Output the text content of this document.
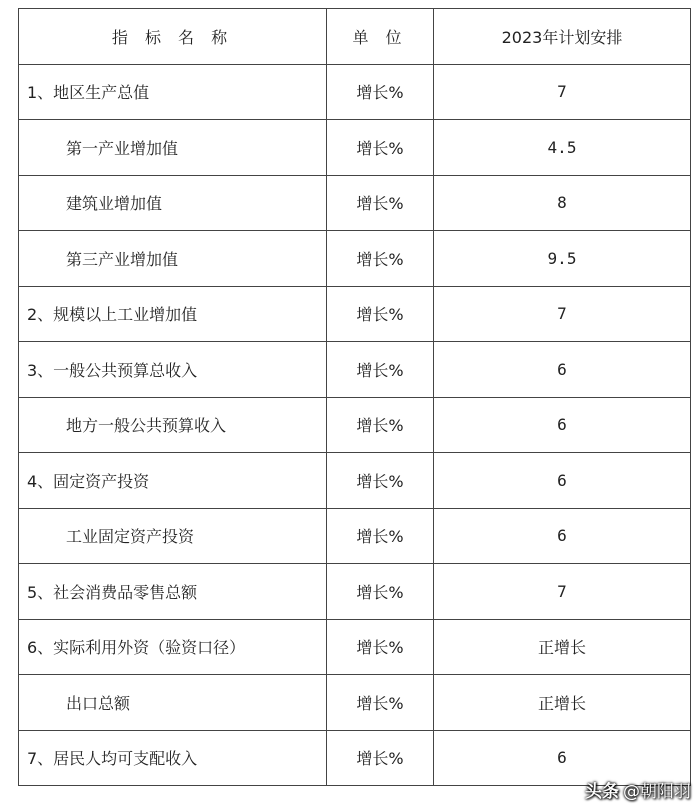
指 标 名 称	单 位	2023年计划安排
1、地区生产总值	增长%	7
第一产业增加值	增长%	4.5
建筑业增加值	增长%	8
第三产业增加值	增长%	9.5
2、规模以上工业增加值	增长%	7
3、一般公共预算总收入	增长%	6
地方一般公共预算收入	增长%	6
4、固定资产投资	增长%	6
工业固定资产投资	增长%	6
5、社会消费品零售总额	增长%	7
6、实际利用外资（验资口径）	增长%	正增长
出口总额	增长%	正增长
7、居民人均可支配收入	增长%	6
头条 @朝阳羽
